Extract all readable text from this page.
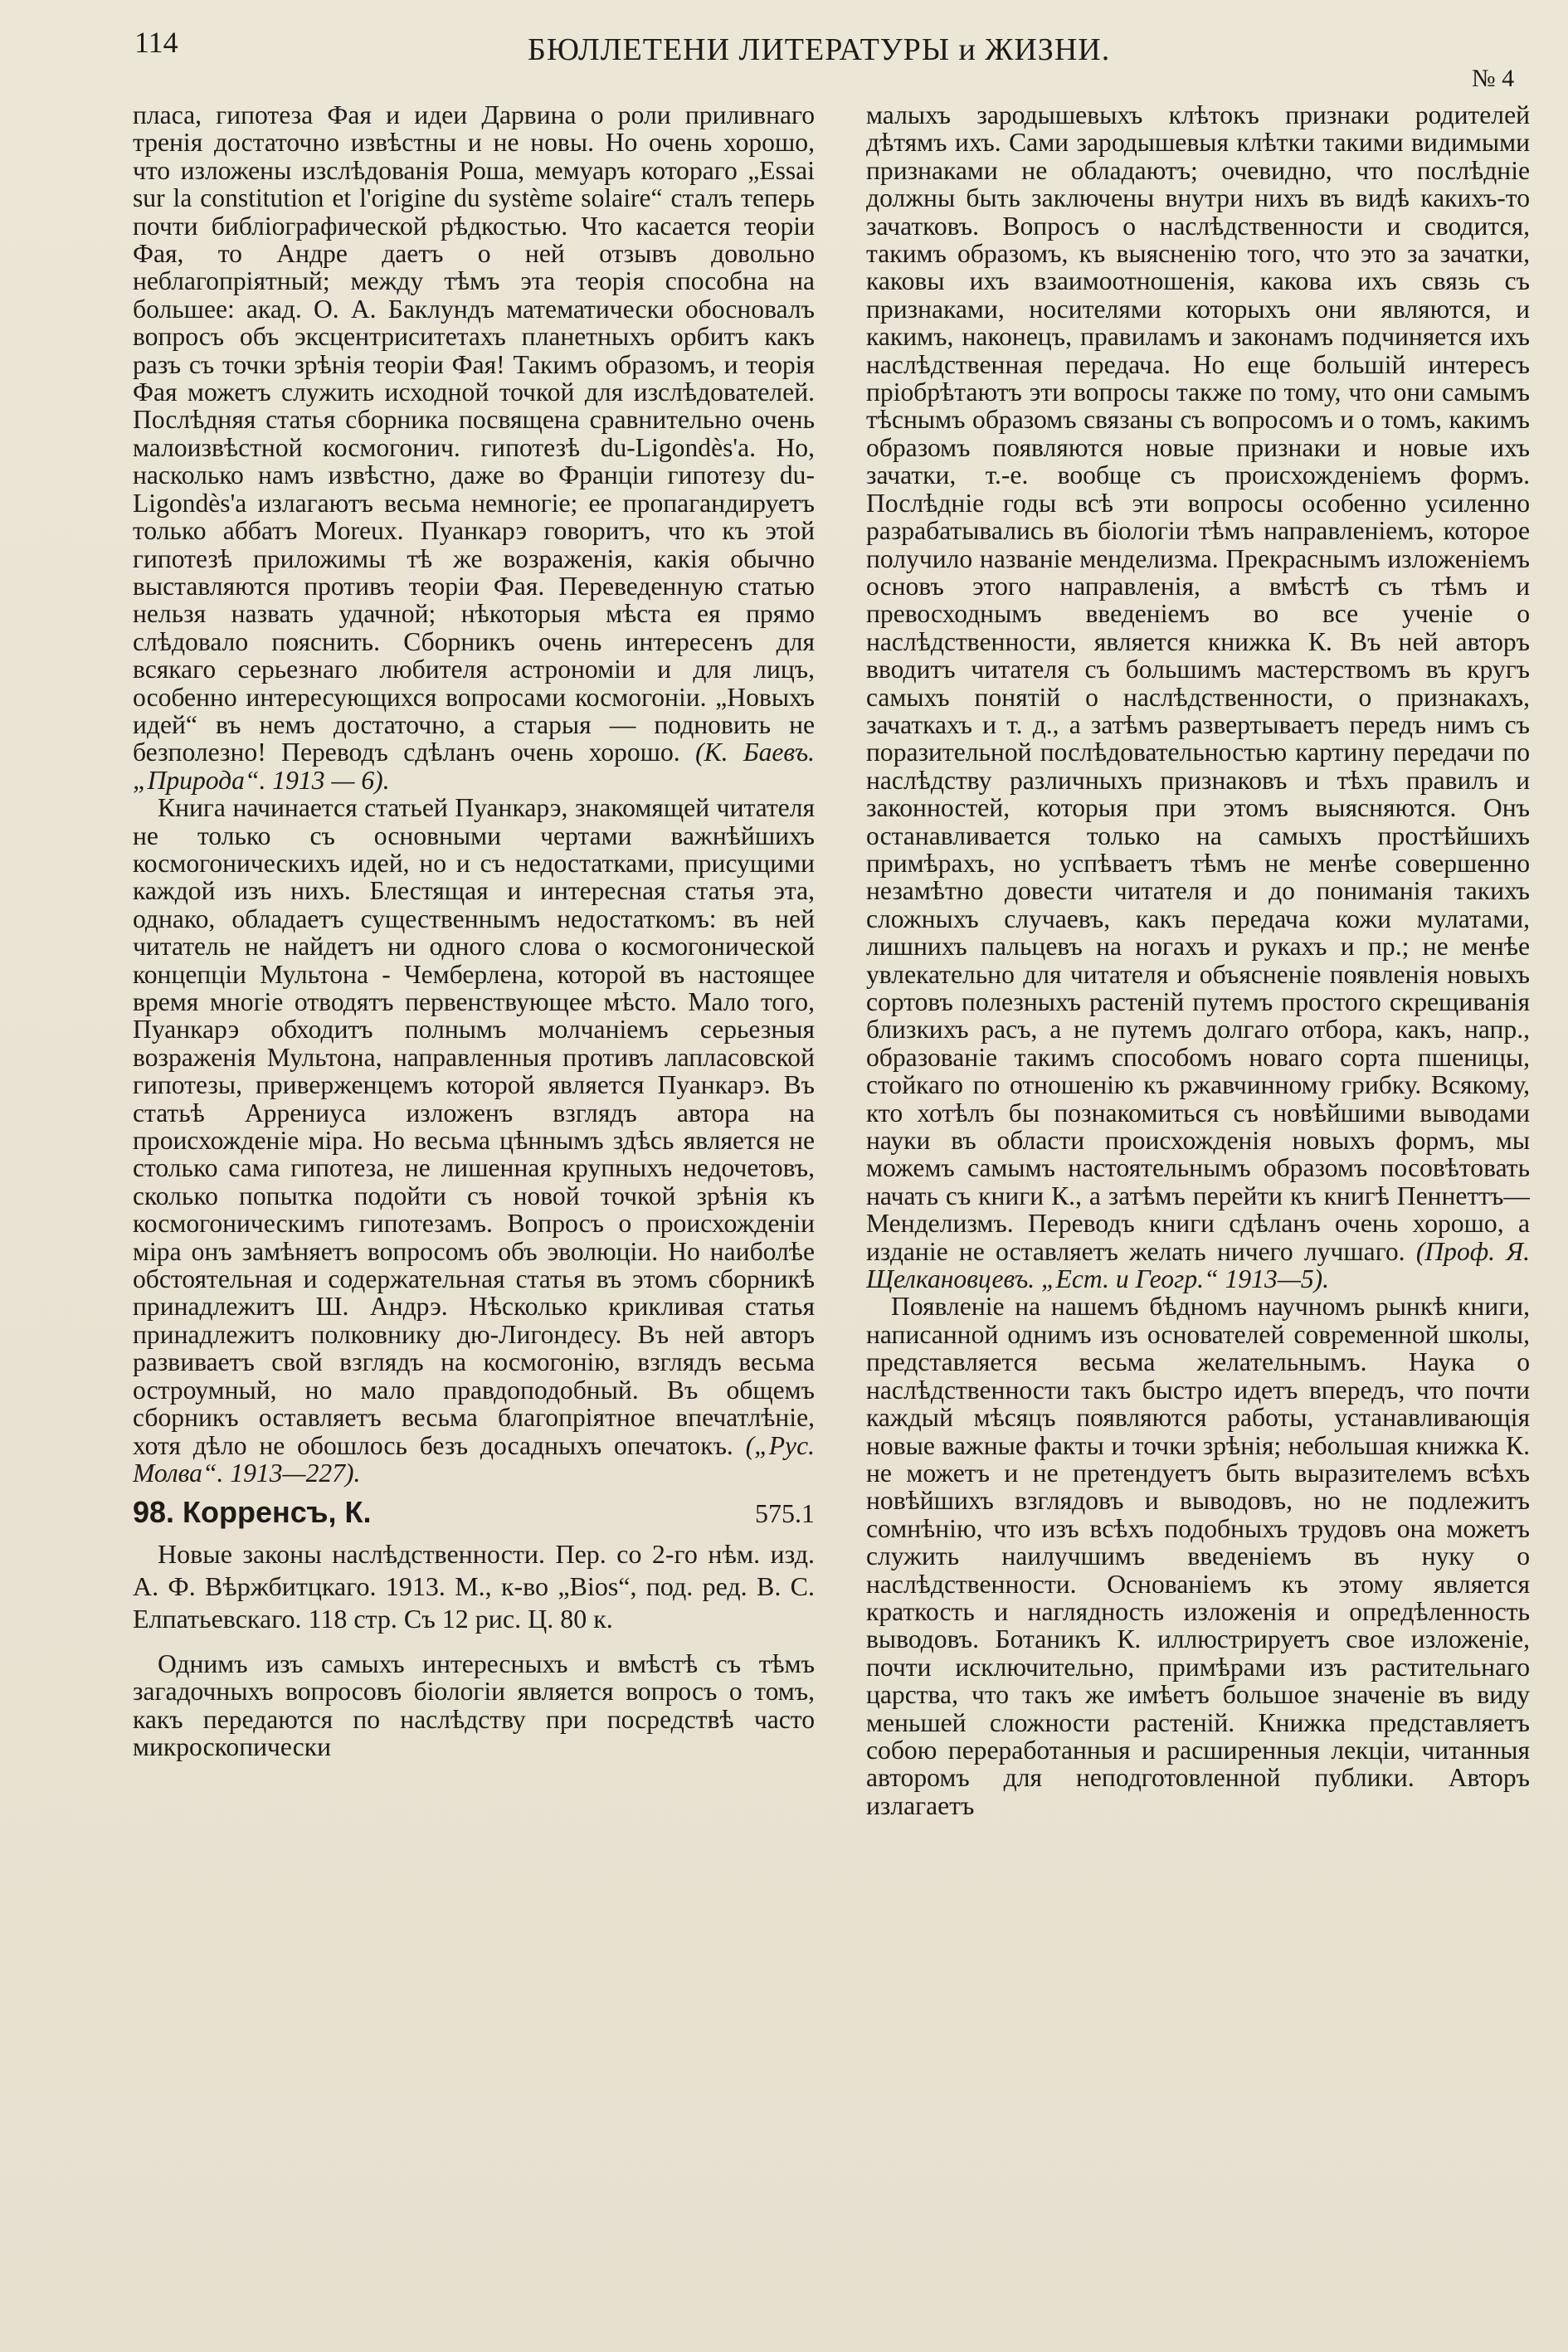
114	БЮЛЛЕТЕНИ ЛИТЕРАТУРЫ и ЖИЗНИ.
№ 4

пласа, гипотеза Фая и идеи Дарвина о роли приливнаго тренія достаточно извѣстны и не новы. Но очень хорошо, что изложены изслѣдованія Роша, мемуаръ котораго „Essai sur la constitution et l'origine du système solaire“ сталъ теперь почти библiографической рѣдкостью. Что касается теоріи Фая, то Андре даетъ о ней отзывъ довольно неблагопріятный; между тѣмъ эта теорія способна на большее: акад. О. А. Баклундъ математически обосновалъ вопросъ объ эксцентриситетахъ планетныхъ орбитъ какъ разъ съ точки зрѣнія теоріи Фая! Такимъ образомъ, и теорія Фая можетъ служить исходной точкой для изслѣдователей. Послѣдняя статья сборника посвящена сравнительно очень малоизвѣстной космогонич. гипотезѣ du-Ligondès'a. Но, насколько намъ извѣстно, даже во Франціи гипотезу du-Ligondès'a излагаютъ весьма немногіе; ее пропагандируетъ только аббатъ Moreux. Пуанкарэ говоритъ, что къ этой гипотезѣ приложимы тѣ же возраженія, какія обычно выставляются противъ теоріи Фая. Переведенную статью нельзя назвать удачной; нѣкоторыя мѣста ея прямо слѣдовало пояснить. Сборникъ очень интересенъ для всякаго серьезнаго любителя астрономіи и для лицъ, особенно интересующихся вопросами космогоніи. „Новыхъ идей“ въ немъ достаточно, а старыя — подновить не безполезно! Переводъ сдѣланъ очень хорошо. (К. Баевъ. „Природа“. 1913 — 6).

Книга начинается статьей Пуанкарэ, знакомящей читателя не только съ основными чертами важнѣйшихъ космогоническихъ идей, но и съ недостатками, присущими каждой изъ нихъ. Блестящая и интересная статья эта, однако, обладаетъ существеннымъ недостаткомъ: въ ней читатель не найдетъ ни одного слова о космогонической концепціи Мультона - Чемберлена, которой въ настоящее время многіе отводятъ первенствующее мѣсто. Мало того, Пуанкарэ обходитъ полнымъ молчаніемъ серьезныя возраженія Мультона, направленныя противъ лапласовской гипотезы, приверженцемъ которой является Пуанкарэ. Въ статьѣ Аррениуса изложенъ взглядъ автора на происхожденіе міра. Но весьма цѣннымъ здѣсь является не столько сама гипотеза, не лишенная крупныхъ недочетовъ, сколько попытка подойти съ новой точкой зрѣнія къ космогоническимъ гипотезамъ. Вопросъ о происхожденіи міра онъ замѣняетъ вопросомъ объ эволюціи. Но наиболѣе обстоятельная и содержательная статья въ этомъ сборникѣ принадлежитъ Ш. Андрэ. Нѣсколько крикливая статья принадлежитъ полковнику дю-Лигондесу. Въ ней авторъ развиваетъ свой взглядъ на космогонію, взглядъ весьма остроумный, но мало правдоподобный. Въ общемъ сборникъ оставляетъ весьма благопріятное впечатлѣніе, хотя дѣло не обошлось безъ досадныхъ опечатокъ. („Рус. Молва“. 1913—227).

98. Корренсъ, К.	575.1

Новые законы наслѣдственности. Пер. со 2-го нѣм. изд. А. Ф. Вѣржбитцкаго. 1913. М., к-во „Bios“, под. ред. В. С. Елпатьевскаго. 118 стр. Съ 12 рис. Ц. 80 к.

Однимъ изъ самыхъ интересныхъ и вмѣстѣ съ тѣмъ загадочныхъ вопросовъ біологіи является вопросъ о томъ, какъ передаются по наслѣдству при посредствѣ часто микроскопически

малыхъ зародышевыхъ клѣтокъ признаки родителей дѣтямъ ихъ. Сами зародышевыя клѣтки такими видимыми признаками не обладаютъ; очевидно, что послѣдніе должны быть заключены внутри нихъ въ видѣ какихъ-то зачатковъ. Вопросъ о наслѣдственности и сводится, такимъ образомъ, къ выясненію того, что это за зачатки, каковы ихъ взаимоотношенія, какова ихъ связь съ признаками, носителями которыхъ они являются, и какимъ, наконецъ, правиламъ и законамъ подчиняется ихъ наслѣдственная передача. Но еще большій интересъ пріобрѣтаютъ эти вопросы также по тому, что они самымъ тѣснымъ образомъ связаны съ вопросомъ и о томъ, какимъ образомъ появляются новые признаки и новые ихъ зачатки, т.-е. вообще съ происхожденіемъ формъ. Послѣдніе годы всѣ эти вопросы особенно усиленно разрабатывались въ біологіи тѣмъ направленіемъ, которое получило названіе менделизма. Прекраснымъ изложеніемъ основъ этого направленія, а вмѣстѣ съ тѣмъ и превосходнымъ введеніемъ во все ученіе о наслѣдственности, является книжка К. Въ ней авторъ вводитъ читателя съ большимъ мастерствомъ въ кругъ самыхъ понятій о наслѣдственности, о признакахъ, зачаткахъ и т. д., а затѣмъ развертываетъ передъ нимъ съ поразительной послѣдовательностью картину передачи по наслѣдству различныхъ признаковъ и тѣхъ правилъ и законностей, которыя при этомъ выясняются. Онъ останавливается только на самыхъ простѣйшихъ примѣрахъ, но успѣваетъ тѣмъ не менѣе совершенно незамѣтно довести читателя и до пониманія такихъ сложныхъ случаевъ, какъ передача кожи мулатами, лишнихъ пальцевъ на ногахъ и рукахъ и пр.; не менѣе увлекательно для читателя и объясненіе появленія новыхъ сортовъ полезныхъ растеній путемъ простого скрещиванія близкихъ расъ, а не путемъ долгаго отбора, какъ, напр., образованіе такимъ способомъ новаго сорта пшеницы, стойкаго по отношенію къ ржавчинному грибку. Всякому, кто хотѣлъ бы познакомиться съ новѣйшими выводами науки въ области происхожденія новыхъ формъ, мы можемъ самымъ настоятельнымъ образомъ посовѣтовать начать съ книги К., а затѣмъ перейти къ книгѣ Пеннеттъ—Менделизмъ. Переводъ книги сдѣланъ очень хорошо, а изданіе не оставляетъ желать ничего лучшаго. (Проф. Я. Щелкановцевъ. „Ест. и Геогр.“ 1913—5).

Появленіе на нашемъ бѣдномъ научномъ рынкѣ книги, написанной однимъ изъ основателей современной школы, представляется весьма желательнымъ. Наука о наслѣдственности такъ быстро идетъ впередъ, что почти каждый мѣсяцъ появляются работы, устанавливающія новые важные факты и точки зрѣнія; небольшая книжка К. не можетъ и не претендуетъ быть выразителемъ всѣхъ новѣйшихъ взглядовъ и выводовъ, но не подлежитъ сомнѣнію, что изъ всѣхъ подобныхъ трудовъ она можетъ служить наилучшимъ введеніемъ въ нуку о наслѣдственности. Основаніемъ къ этому является краткость и наглядность изложенія и опредѣленность выводовъ. Ботаникъ К. иллюстрируетъ свое изложеніе, почти исключительно, примѣрами изъ растительнаго царства, что такъ же имѣетъ большое значеніе въ виду меньшей сложности растеній. Книжка представляетъ собою переработанныя и расширенныя лекціи, читанныя авторомъ для неподготовленной публики. Авторъ излагаетъ
